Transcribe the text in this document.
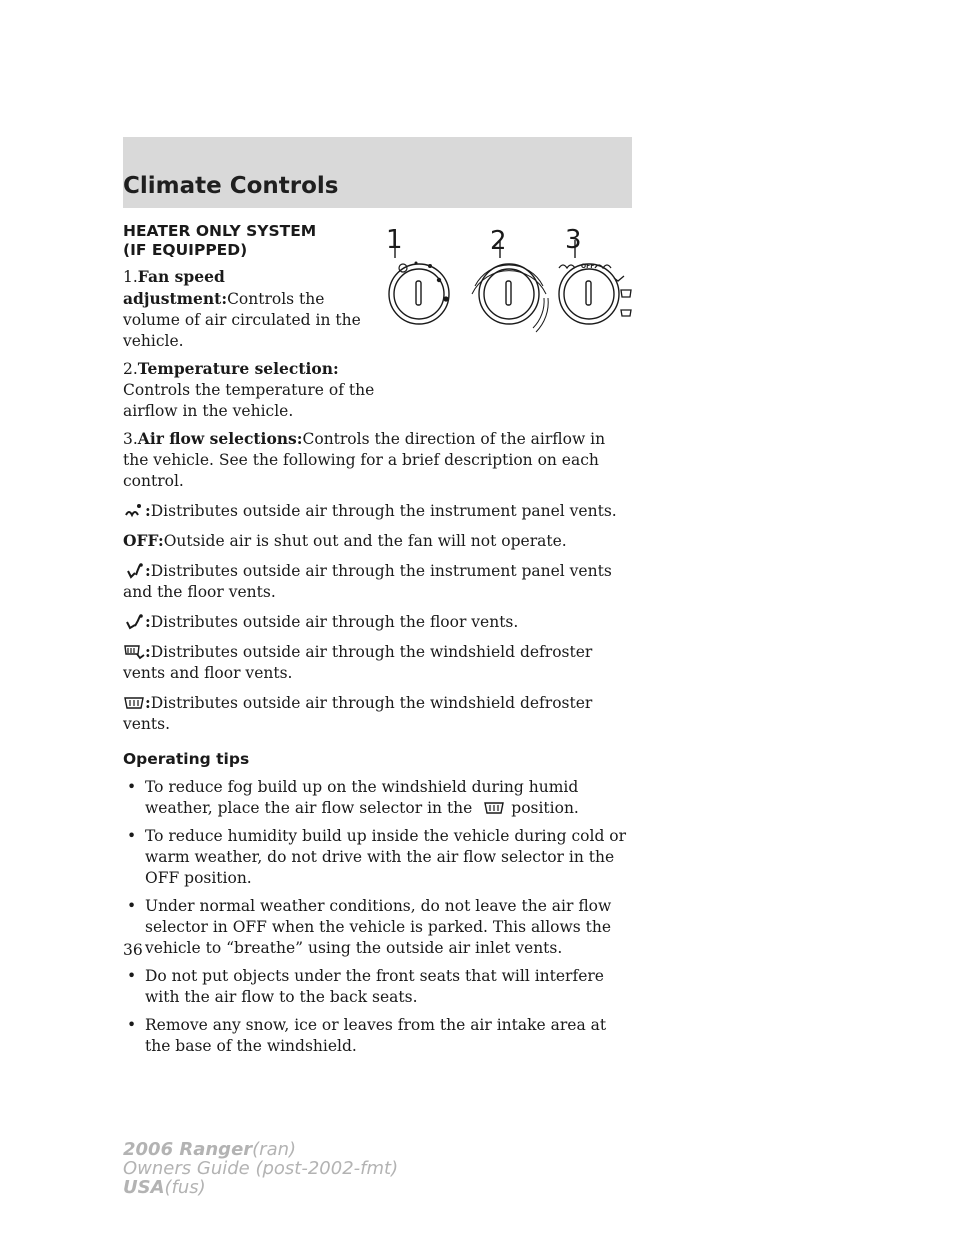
Climate Controls
1	2 3
OFF

HEATER ONLY SYSTEM
(IF EQUIPPED)

1.Fan speed adjustment:Controls the volume of air circulated in the vehicle.

2.Temperature selection:
Controls the temperature of the airflow in the vehicle.

3.Air flow selections:Controls the direction of the airflow in the vehicle. See the following for a brief description on each control.

:Distributes outside air through the instrument panel vents.

OFF:Outside air is shut out and the fan will not operate.

:Distributes outside air through the instrument panel vents and the floor vents.

:Distributes outside air through the floor vents.

:Distributes outside air through the windshield defroster vents and floor vents.

:Distributes outside air through the windshield defroster vents.

Operating tips
• To reduce fog build up on the windshield during humid weather, place the air flow selector in the	position.
• To reduce humidity build up inside the vehicle during cold or warm weather, do not drive with the air flow selector in the OFF position.
• Under normal weather conditions, do not leave the air flow selector in OFF when the vehicle is parked. This allows the vehicle to “breathe” using the outside air inlet vents.
• Do not put objects under the front seats that will interfere with the air flow to the back seats.
• Remove any snow, ice or leaves from the air intake area at the base of the windshield.
36
2006 Ranger(ran)
Owners Guide (post-2002-fmt)
USA(fus)
